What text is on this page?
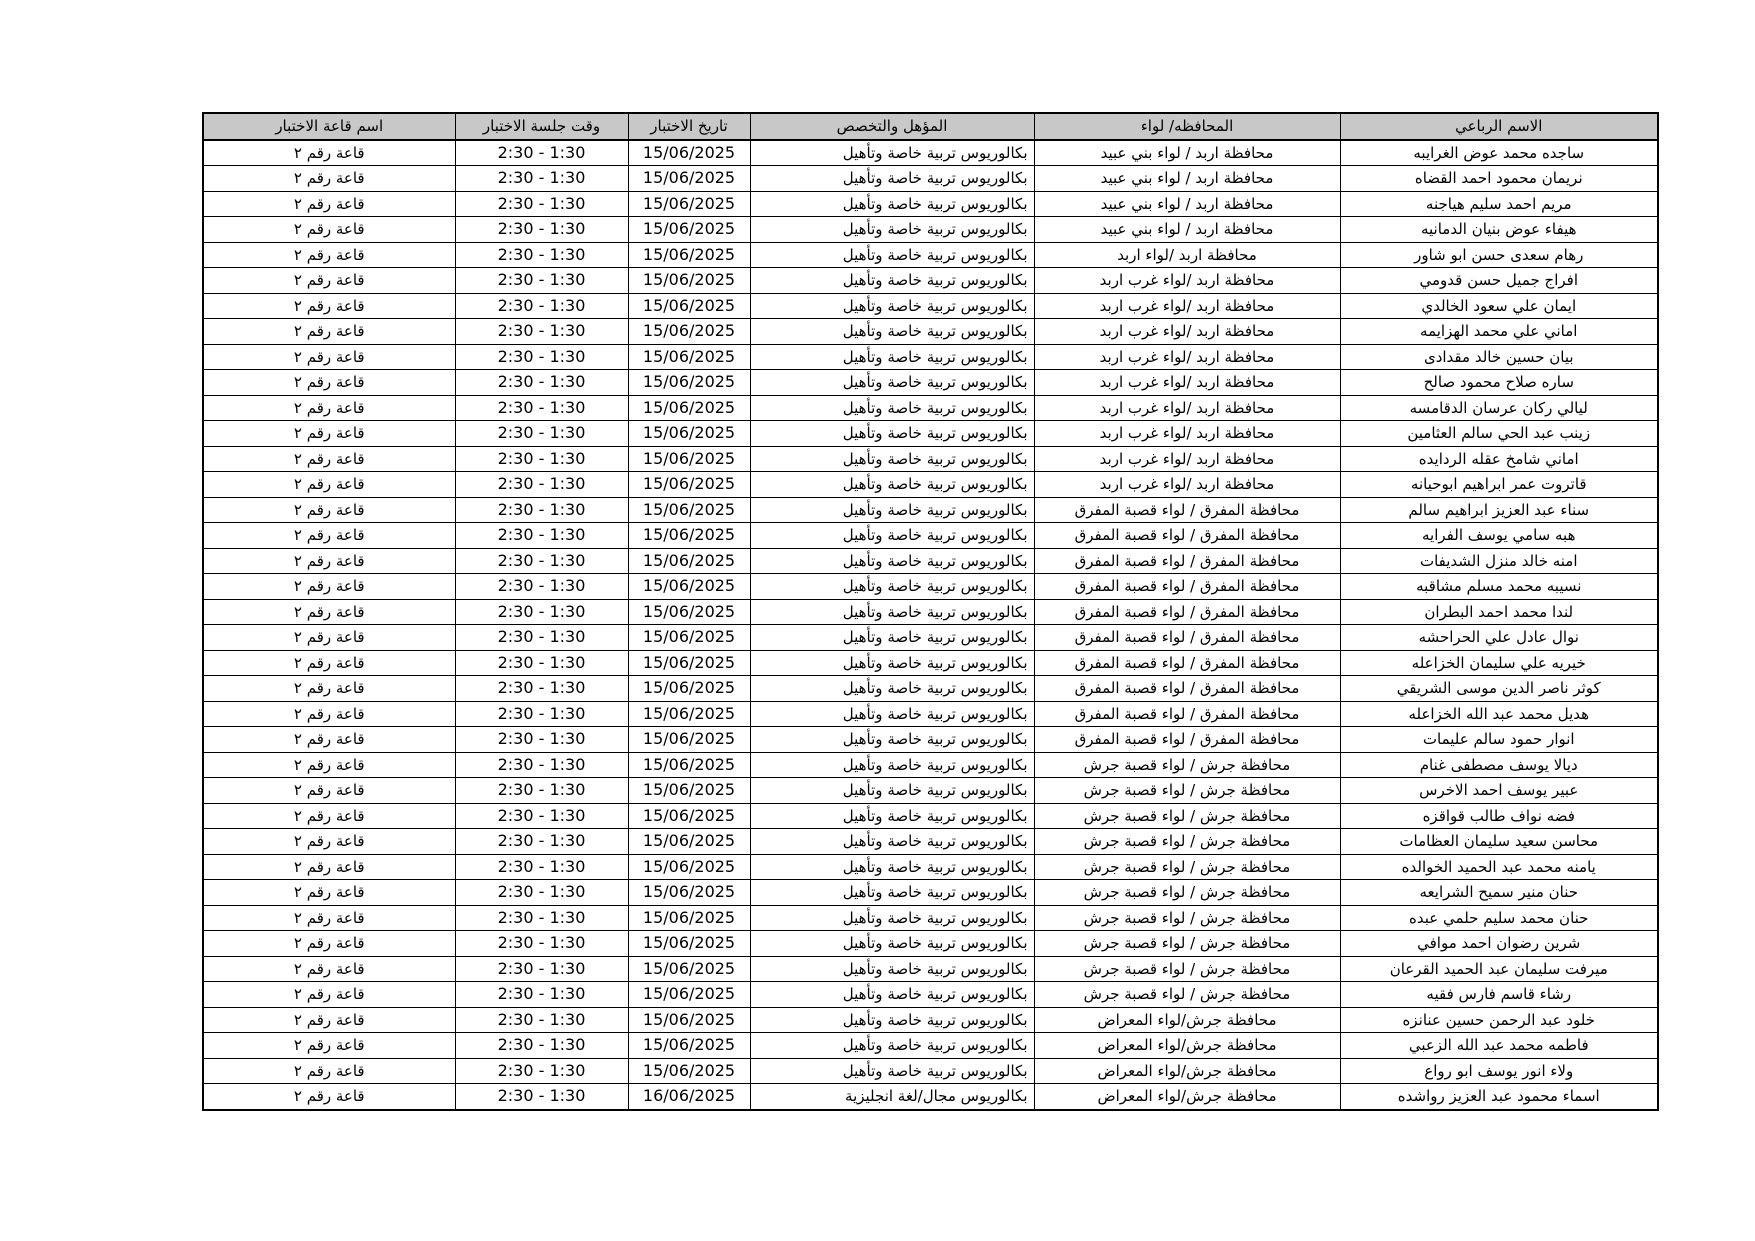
الاسم الرباعي	المحافظه/ لواء	المؤهل والتخصص	تاريخ الاختبار	وقت جلسة الاختبار	اسم قاعة الاختبار
ساجده محمد عوض الغرايبه	محافظة اربد / لواء بني عبيد	بكالوريوس تربية خاصة وتأهيل	15/06/2025	2:30 - 1:30	قاعة رقم ٢
نريمان محمود احمد القضاه	محافظة اربد / لواء بني عبيد	بكالوريوس تربية خاصة وتأهيل	15/06/2025	2:30 - 1:30	قاعة رقم ٢
مريم احمد سليم هياجنه	محافظة اربد / لواء بني عبيد	بكالوريوس تربية خاصة وتأهيل	15/06/2025	2:30 - 1:30	قاعة رقم ٢
هيفاء عوض بنيان الدمانيه	محافظة اربد / لواء بني عبيد	بكالوريوس تربية خاصة وتأهيل	15/06/2025	2:30 - 1:30	قاعة رقم ٢
رهام سعدى حسن ابو شاور	محافظة اربد /لواء اربد	بكالوريوس تربية خاصة وتأهيل	15/06/2025	2:30 - 1:30	قاعة رقم ٢
افراج جميل حسن قدومي	محافظة اربد /لواء غرب اربد	بكالوريوس تربية خاصة وتأهيل	15/06/2025	2:30 - 1:30	قاعة رقم ٢
ايمان علي سعود الخالدي	محافظة اربد /لواء غرب اربد	بكالوريوس تربية خاصة وتأهيل	15/06/2025	2:30 - 1:30	قاعة رقم ٢
اماني علي محمد الهزايمه	محافظة اربد /لواء غرب اربد	بكالوريوس تربية خاصة وتأهيل	15/06/2025	2:30 - 1:30	قاعة رقم ٢
بيان حسين خالد مقدادى	محافظة اربد /لواء غرب اربد	بكالوريوس تربية خاصة وتأهيل	15/06/2025	2:30 - 1:30	قاعة رقم ٢
ساره صلاح محمود صالح	محافظة اربد /لواء غرب اربد	بكالوريوس تربية خاصة وتأهيل	15/06/2025	2:30 - 1:30	قاعة رقم ٢
ليالي ركان عرسان الدقامسه	محافظة اربد /لواء غرب اربد	بكالوريوس تربية خاصة وتأهيل	15/06/2025	2:30 - 1:30	قاعة رقم ٢
زينب عبد الحي سالم العثامين	محافظة اربد /لواء غرب اربد	بكالوريوس تربية خاصة وتأهيل	15/06/2025	2:30 - 1:30	قاعة رقم ٢
اماني شامخ عقله الردايده	محافظة اربد /لواء غرب اربد	بكالوريوس تربية خاصة وتأهيل	15/06/2025	2:30 - 1:30	قاعة رقم ٢
قاتروت عمر ابراهيم ابوحيانه	محافظة اربد /لواء غرب اربد	بكالوريوس تربية خاصة وتأهيل	15/06/2025	2:30 - 1:30	قاعة رقم ٢
سناء عبد العزيز ابراهيم سالم	محافظة المفرق / لواء قصبة المفرق	بكالوريوس تربية خاصة وتأهيل	15/06/2025	2:30 - 1:30	قاعة رقم ٢
هبه سامي يوسف الفرايه	محافظة المفرق / لواء قصبة المفرق	بكالوريوس تربية خاصة وتأهيل	15/06/2025	2:30 - 1:30	قاعة رقم ٢
امنه خالد منزل الشديفات	محافظة المفرق / لواء قصبة المفرق	بكالوريوس تربية خاصة وتأهيل	15/06/2025	2:30 - 1:30	قاعة رقم ٢
نسيبه محمد مسلم مشاقبه	محافظة المفرق / لواء قصبة المفرق	بكالوريوس تربية خاصة وتأهيل	15/06/2025	2:30 - 1:30	قاعة رقم ٢
لندا محمد احمد البطران	محافظة المفرق / لواء قصبة المفرق	بكالوريوس تربية خاصة وتأهيل	15/06/2025	2:30 - 1:30	قاعة رقم ٢
نوال عادل علي الحراحشه	محافظة المفرق / لواء قصبة المفرق	بكالوريوس تربية خاصة وتأهيل	15/06/2025	2:30 - 1:30	قاعة رقم ٢
خيريه علي سليمان الخزاعله	محافظة المفرق / لواء قصبة المفرق	بكالوريوس تربية خاصة وتأهيل	15/06/2025	2:30 - 1:30	قاعة رقم ٢
كوثر ناصر الدين موسى الشريقي	محافظة المفرق / لواء قصبة المفرق	بكالوريوس تربية خاصة وتأهيل	15/06/2025	2:30 - 1:30	قاعة رقم ٢
هديل محمد عبد الله الخزاعله	محافظة المفرق / لواء قصبة المفرق	بكالوريوس تربية خاصة وتأهيل	15/06/2025	2:30 - 1:30	قاعة رقم ٢
انوار حمود سالم عليمات	محافظة المفرق / لواء قصبة المفرق	بكالوريوس تربية خاصة وتأهيل	15/06/2025	2:30 - 1:30	قاعة رقم ٢
ديالا يوسف مصطفى غنام	محافظة جرش / لواء قصبة جرش	بكالوريوس تربية خاصة وتأهيل	15/06/2025	2:30 - 1:30	قاعة رقم ٢
عبير يوسف احمد الاخرس	محافظة جرش / لواء قصبة جرش	بكالوريوس تربية خاصة وتأهيل	15/06/2025	2:30 - 1:30	قاعة رقم ٢
فضه نواف طالب قواقزه	محافظة جرش / لواء قصبة جرش	بكالوريوس تربية خاصة وتأهيل	15/06/2025	2:30 - 1:30	قاعة رقم ٢
محاسن سعيد سليمان العظامات	محافظة جرش / لواء قصبة جرش	بكالوريوس تربية خاصة وتأهيل	15/06/2025	2:30 - 1:30	قاعة رقم ٢
يامنه محمد عبد الحميد الخوالده	محافظة جرش / لواء قصبة جرش	بكالوريوس تربية خاصة وتأهيل	15/06/2025	2:30 - 1:30	قاعة رقم ٢
حنان منير سميح الشرايعه	محافظة جرش / لواء قصبة جرش	بكالوريوس تربية خاصة وتأهيل	15/06/2025	2:30 - 1:30	قاعة رقم ٢
حنان محمد سليم حلمي عبده	محافظة جرش / لواء قصبة جرش	بكالوريوس تربية خاصة وتأهيل	15/06/2025	2:30 - 1:30	قاعة رقم ٢
شرين رضوان احمد موافي	محافظة جرش / لواء قصبة جرش	بكالوريوس تربية خاصة وتأهيل	15/06/2025	2:30 - 1:30	قاعة رقم ٢
ميرفت سليمان عبد الحميد القرعان	محافظة جرش / لواء قصبة جرش	بكالوريوس تربية خاصة وتأهيل	15/06/2025	2:30 - 1:30	قاعة رقم ٢
رشاء قاسم فارس فقيه	محافظة جرش / لواء قصبة جرش	بكالوريوس تربية خاصة وتأهيل	15/06/2025	2:30 - 1:30	قاعة رقم ٢
خلود عبد الرحمن حسين عنانزه	محافظة جرش/لواء المعراض	بكالوريوس تربية خاصة وتأهيل	15/06/2025	2:30 - 1:30	قاعة رقم ٢
فاطمه محمد عبد الله الزعبي	محافظة جرش/لواء المعراض	بكالوريوس تربية خاصة وتأهيل	15/06/2025	2:30 - 1:30	قاعة رقم ٢
ولاء انور يوسف ابو رواع	محافظة جرش/لواء المعراض	بكالوريوس تربية خاصة وتأهيل	15/06/2025	2:30 - 1:30	قاعة رقم ٢
اسماء محمود عبد العزيز رواشده	محافظة جرش/لواء المعراض	بكالوريوس مجال/لغة انجليزية	16/06/2025	2:30 - 1:30	قاعة رقم ٢
